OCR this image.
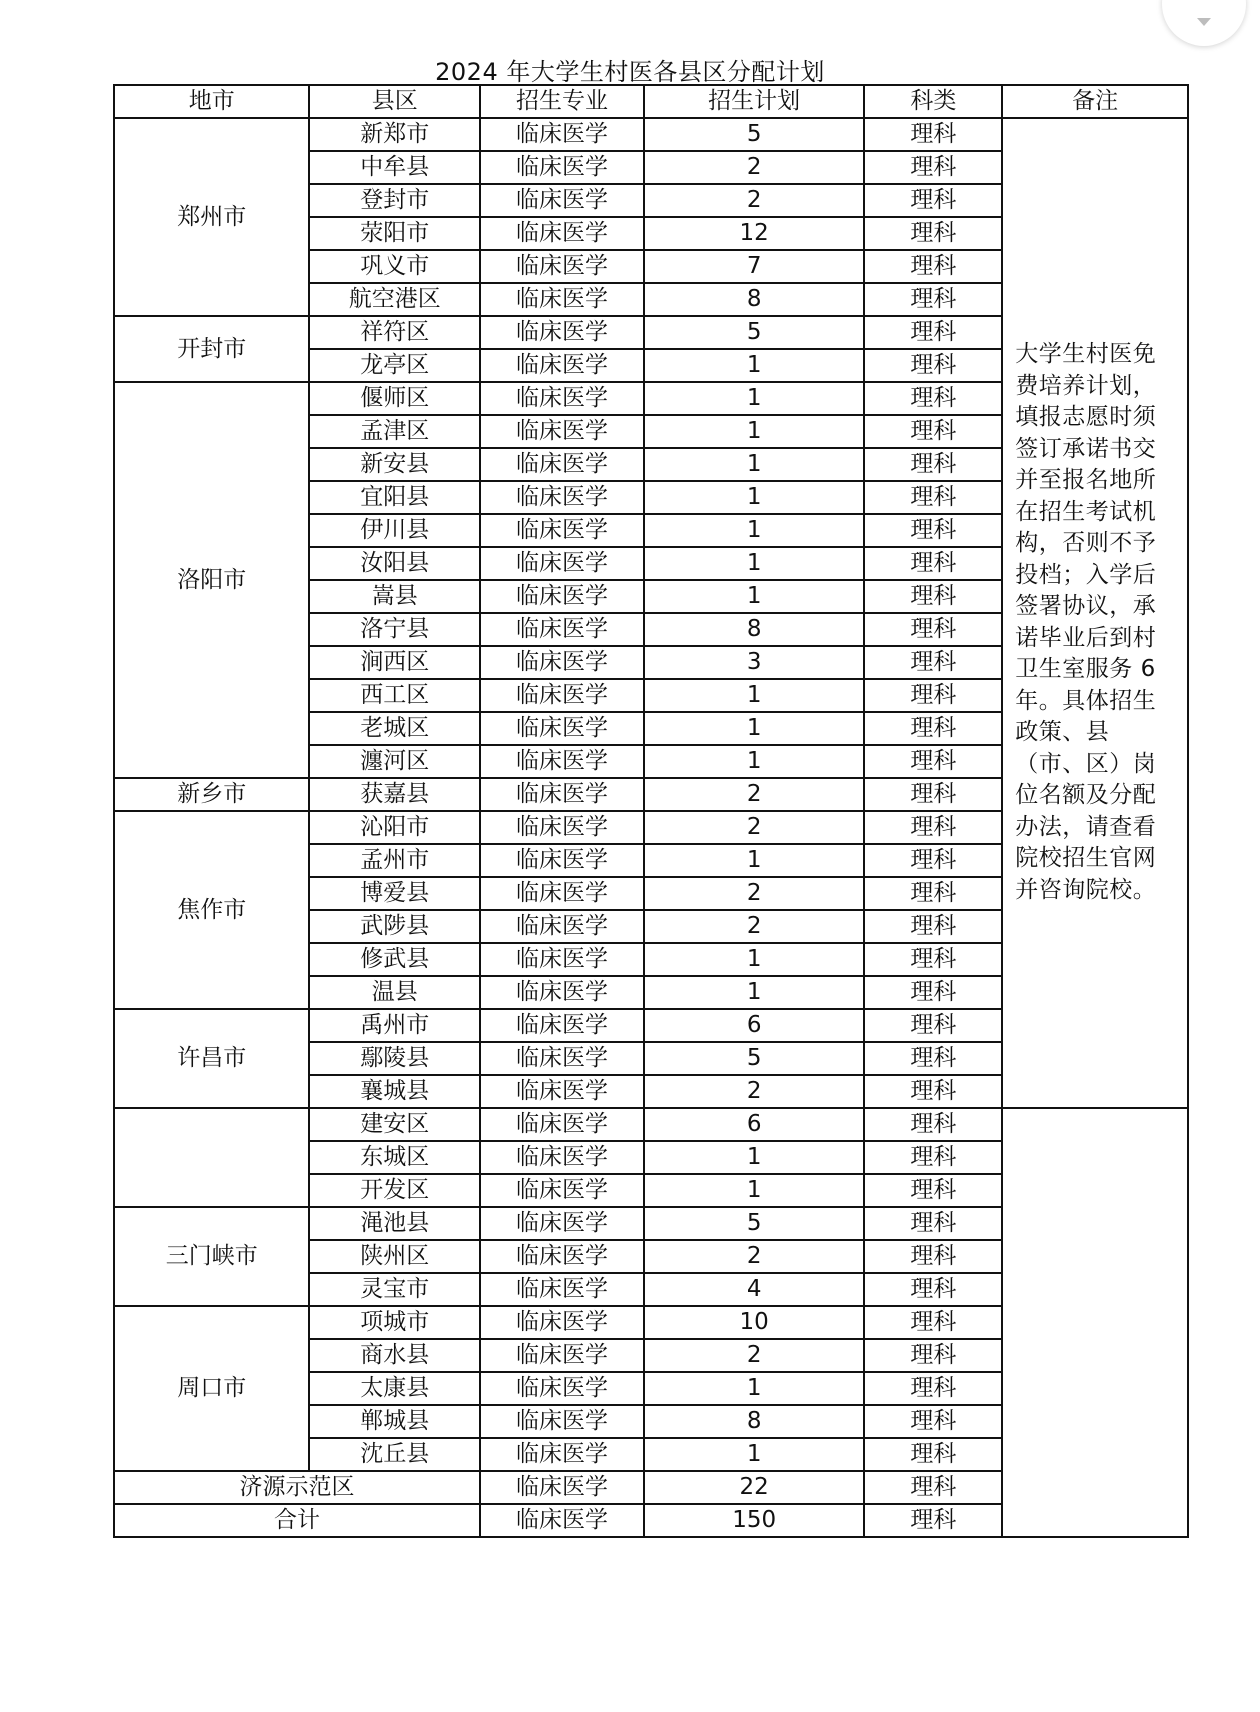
2024 年大学生村医各县区分配计划
地市	县区	招生专业	招生计划	科类	备注
郑州市	新郑市	临床医学	5	理科	大学生村医免费培养计划，填报志愿时须签订承诺书交并至报名地所在招生考试机构，否则不予投档；入学后签署协议，承诺毕业后到村卫生室服务 6 年。具体招生政策、县（市、区）岗位名额及分配办法，请查看院校招生官网并咨询院校。
	中牟县	临床医学	2	理科	
	登封市	临床医学	2	理科	
	荥阳市	临床医学	12	理科	
	巩义市	临床医学	7	理科	
	航空港区	临床医学	8	理科	
开封市	祥符区	临床医学	5	理科	
	龙亭区	临床医学	1	理科	
洛阳市	偃师区	临床医学	1	理科	
	孟津区	临床医学	1	理科	
	新安县	临床医学	1	理科	
	宜阳县	临床医学	1	理科	
	伊川县	临床医学	1	理科	
	汝阳县	临床医学	1	理科	
	嵩县	临床医学	1	理科	
	洛宁县	临床医学	8	理科	
	涧西区	临床医学	3	理科	
	西工区	临床医学	1	理科	
	老城区	临床医学	1	理科	
	瀍河区	临床医学	1	理科	
新乡市	获嘉县	临床医学	2	理科	
焦作市	沁阳市	临床医学	2	理科	
	孟州市	临床医学	1	理科	
	博爱县	临床医学	2	理科	
	武陟县	临床医学	2	理科	
	修武县	临床医学	1	理科	
	温县	临床医学	1	理科	
许昌市	禹州市	临床医学	6	理科	
	鄢陵县	临床医学	5	理科	
	襄城县	临床医学	2	理科	
	建安区	临床医学	6	理科	
	东城区	临床医学	1	理科	
	开发区	临床医学	1	理科	
三门峡市	渑池县	临床医学	5	理科	
	陕州区	临床医学	2	理科	
	灵宝市	临床医学	4	理科	
周口市	项城市	临床医学	10	理科	
	商水县	临床医学	2	理科	
	太康县	临床医学	1	理科	
	郸城县	临床医学	8	理科	
	沈丘县	临床医学	1	理科	
济源示范区		临床医学	22	理科	
合计		临床医学	150	理科	
